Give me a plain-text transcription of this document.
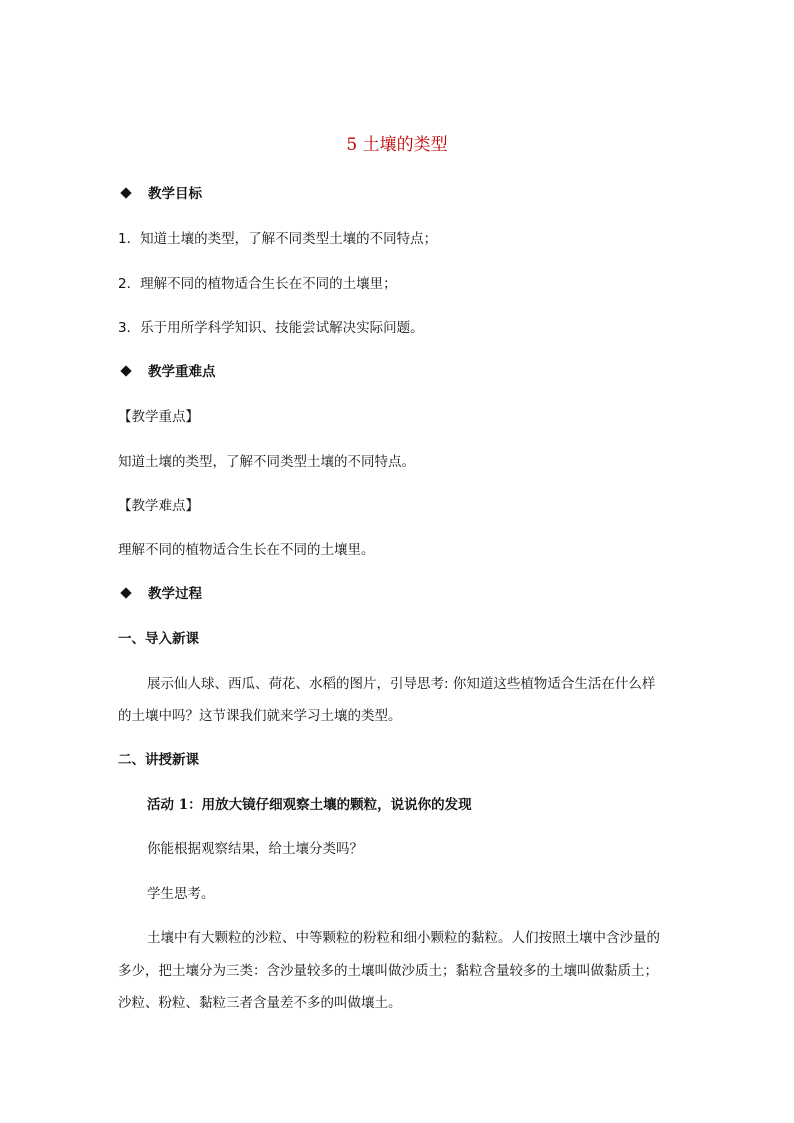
5 土壤的类型
教学目标
1．知道土壤的类型，了解不同类型土壤的不同特点；
2．理解不同的植物适合生长在不同的土壤里；
3．乐于用所学科学知识、技能尝试解决实际问题。
教学重难点
【教学重点】
知道土壤的类型，了解不同类型土壤的不同特点。
【教学难点】
理解不同的植物适合生长在不同的土壤里。
教学过程
一、导入新课
展示仙人球、西瓜、荷花、水稻的图片，引导思考: 你知道这些植物适合生活在什么样
的土壤中吗？这节课我们就来学习土壤的类型。
二、讲授新课
活动 1：用放大镜仔细观察土壤的颗粒，说说你的发现
你能根据观察结果，给土壤分类吗？
学生思考。
土壤中有大颗粒的沙粒、中等颗粒的粉粒和细小颗粒的黏粒。人们按照土壤中含沙量的
多少，把土壤分为三类：含沙量较多的土壤叫做沙质土；黏粒含量较多的土壤叫做黏质土；
沙粒、粉粒、黏粒三者含量差不多的叫做壤土。
